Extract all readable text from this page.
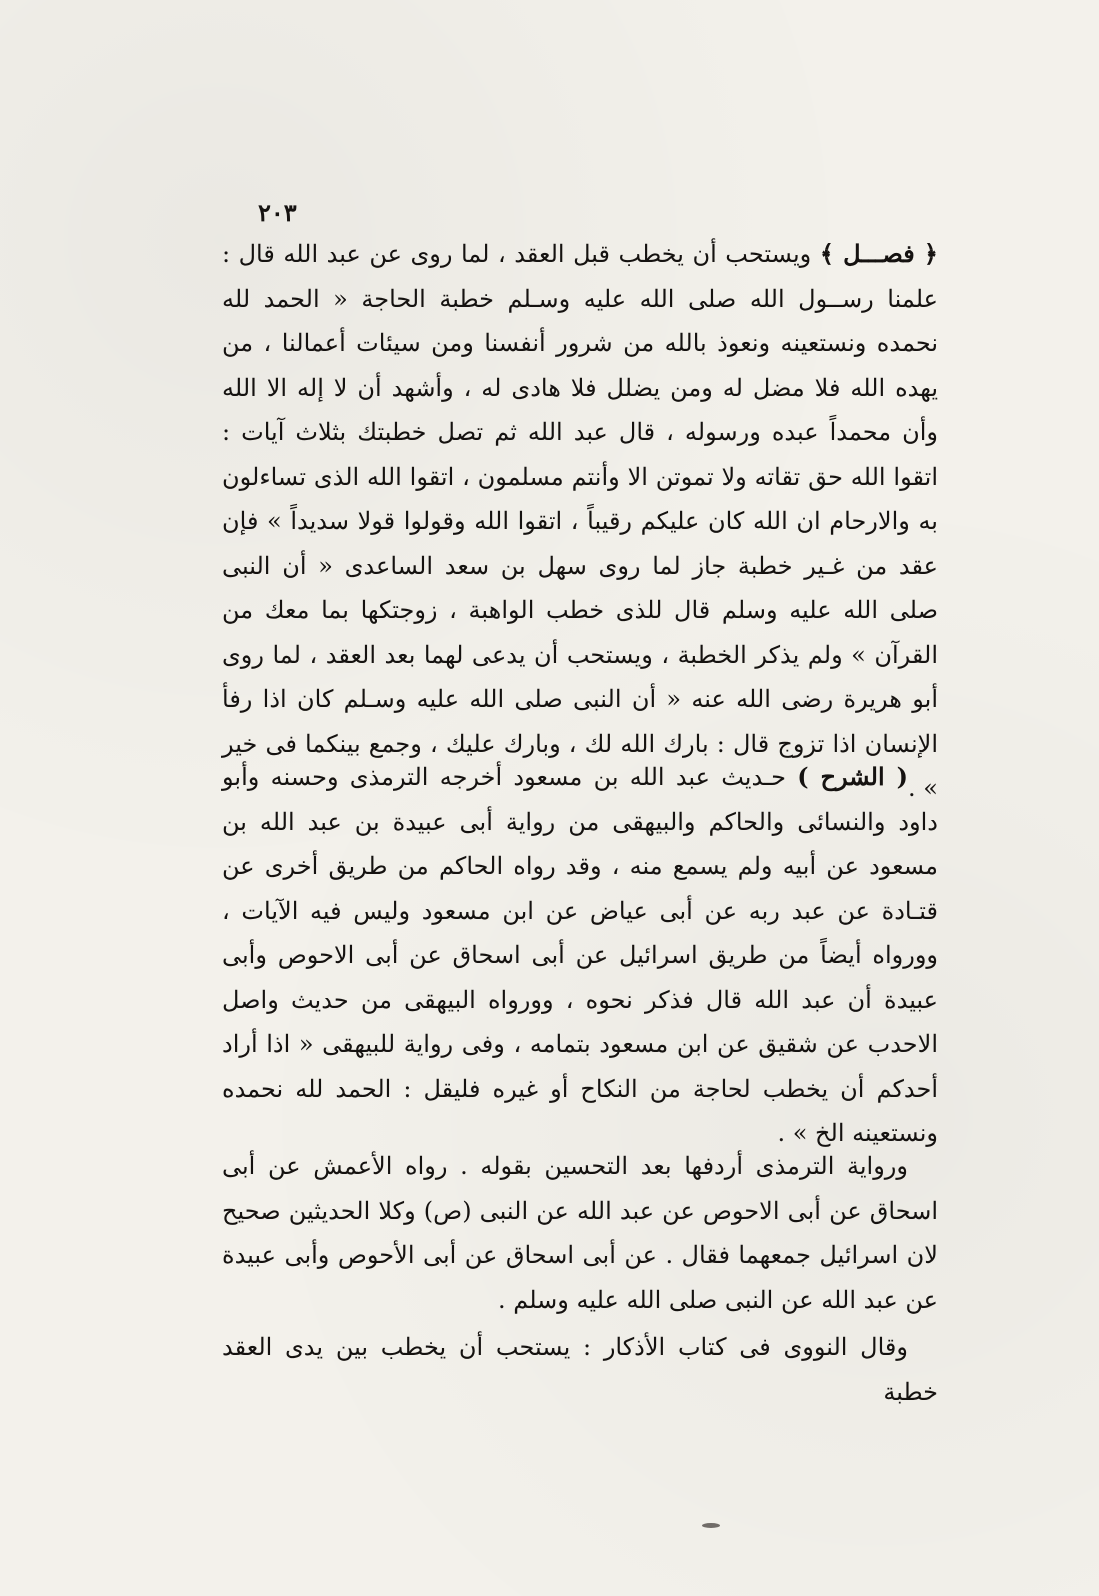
٢٠٣

﴿ فصـــل ﴾ ويستحب أن يخطب قبل العقد ، لما روى عن عبد الله قال : علمنا رســول الله صلى الله عليه وسـلم خطبة الحاجة « الحمد لله نحمده ونستعينه ونعوذ بالله من شرور أنفسنا ومن سيئات أعمالنا ، من يهده الله فلا مضل له ومن يضلل فلا هادى له ، وأشهد أن لا إله الا الله وأن محمداً عبده ورسوله ، قال عبد الله ثم تصل خطبتك بثلاث آيات : اتقوا الله حق تقاته ولا تموتن الا وأنتم مسلمون ، اتقوا الله الذى تساءلون به والارحام ان الله كان عليكم رقيباً ، اتقوا الله وقولوا قولا سديداً » فإن عقد من غـير خطبة جاز لما روى سهل بن سعد الساعدى « أن النبى صلى الله عليه وسلم قال للذى خطب الواهبة ، زوجتكها بما معك من القرآن » ولم يذكر الخطبة ، ويستحب أن يدعى لهما بعد العقد ، لما روى أبو هريرة رضى الله عنه « أن النبى صلى الله عليه وسـلم كان اذا رفأ الإنسان اذا تزوج قال : بارك الله لك ، وبارك عليك ، وجمع بينكما فى خير » .

( الشرح ) حـديث عبد الله بن مسعود أخرجه الترمذى وحسنه وأبو داود والنسائى والحاكم والبيهقى من رواية أبى عبيدة بن عبد الله بن مسعود عن أبيه ولم يسمع منه ، وقد رواه الحاكم من طريق أخرى عن قتـادة عن عبد ربه عن أبى عياض عن ابن مسعود وليس فيه الآيات ، وورواه أيضاً من طريق اسرائيل عن أبى اسحاق عن أبى الاحوص وأبى عبيدة أن عبد الله قال فذكر نحوه ، وورواه البيهقى من حديث واصل الاحدب عن شقيق عن ابن مسعود بتمامه ، وفى رواية للبيهقى « اذا أراد أحدكم أن يخطب لحاجة من النكاح أو غيره فليقل : الحمد لله نحمده ونستعينه الخ » .

ورواية الترمذى أردفها بعد التحسين بقوله . رواه الأعمش عن أبى اسحاق عن أبى الاحوص عن عبد الله عن النبى (ص) وكلا الحديثين صحيح لان اسرائيل جمعهما فقال . عن أبى اسحاق عن أبى الأحوص وأبى عبيدة عن عبد الله عن النبى صلى الله عليه وسلم .

وقال النووى فى كتاب الأذكار : يستحب أن يخطب بين يدى العقد خطبة
